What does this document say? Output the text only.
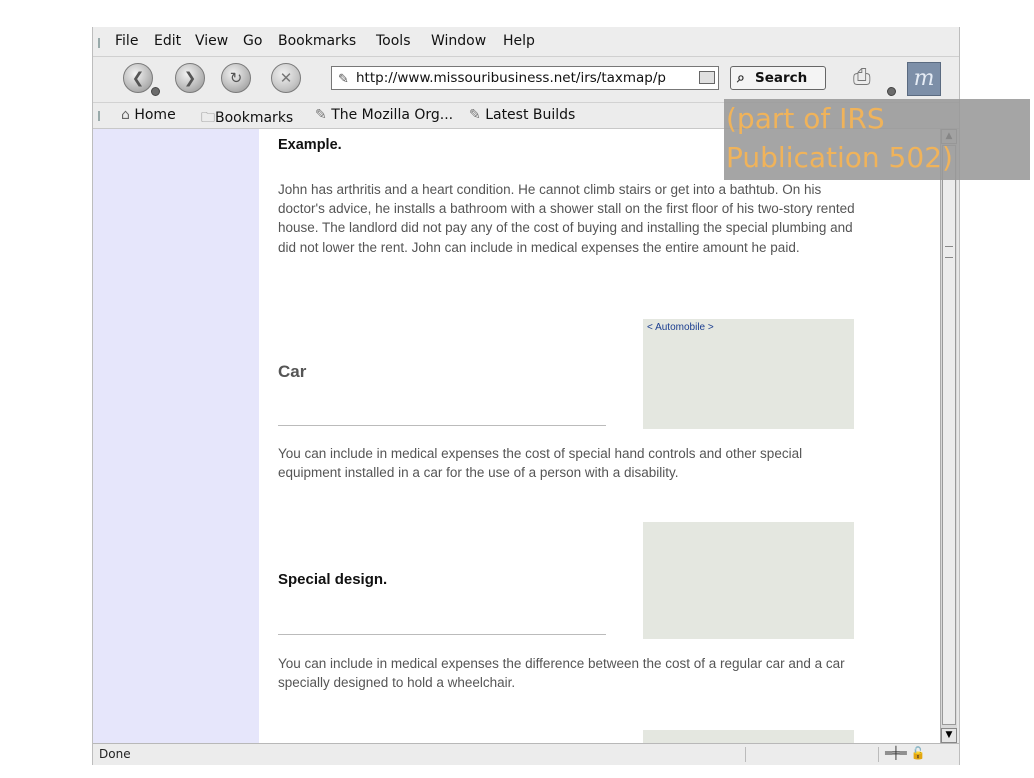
File Edit View Go Bookmarks Tools Window Help
❮	❯	↻	✕	✎ http://www.missouribusiness.net/irs/taxmap/p	⌕ Search	⎙ m
⌂ Home 🗀Bookmarks ✎ The Mozilla Org... ✎ Latest Builds
Example.
John has arthritis and a heart condition. He cannot climb stairs or get into a bathtub. On his doctor's advice, he installs a bathroom with a shower stall on the first floor of his two-story rented house. The landlord did not pay any of the cost of buying and installing the special plumbing and did not lower the rent. John can include in medical expenses the entire amount he paid.
< Automobile >
Car
You can include in medical expenses the cost of special hand controls and other special equipment installed in a car for the use of a person with a disability.
Special design.
You can include in medical expenses the difference between the cost of a regular car and a car specially designed to hold a wheelchair.
▼
Done	═╪═ 🔓
(part of IRS
Publication 502)
